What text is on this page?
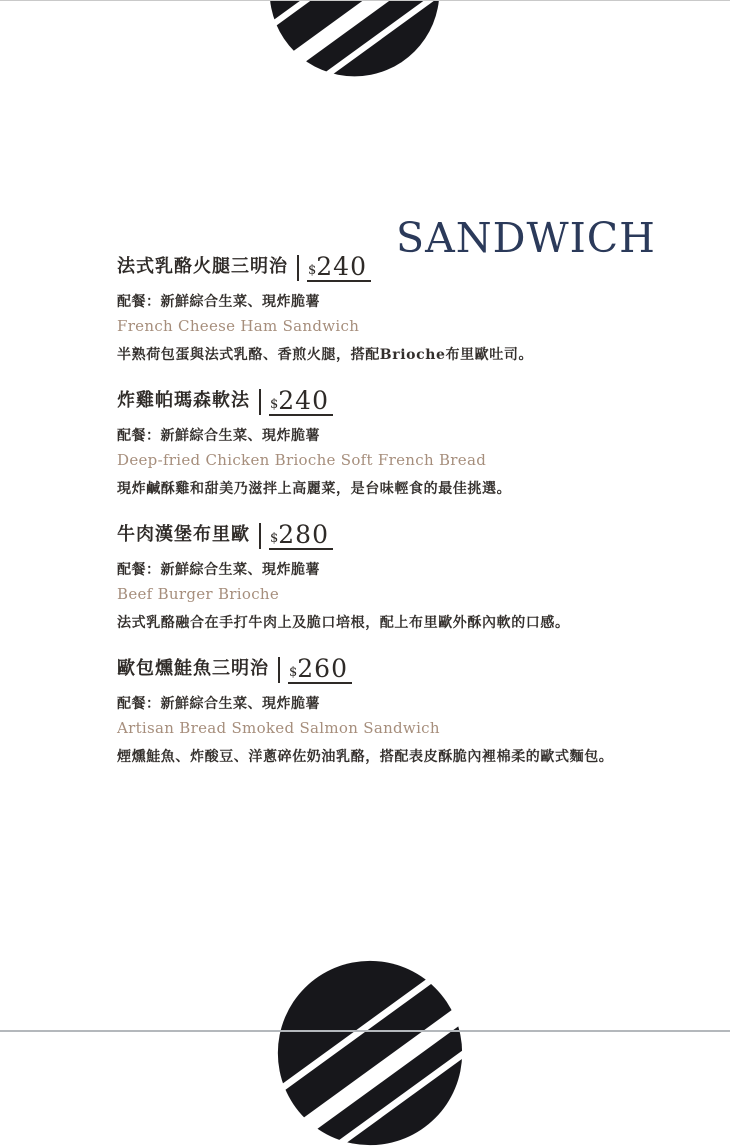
SANDWICH
法式乳酪火腿三明治 $ 240
配餐：新鮮綜合生菜、現炸脆薯
French Cheese Ham Sandwich
半熟荷包蛋與法式乳酪、香煎火腿，搭配Brioche布里歐吐司。
炸雞帕瑪森軟法 $ 240
配餐：新鮮綜合生菜、現炸脆薯
Deep-fried Chicken Brioche Soft French Bread
現炸鹹酥雞和甜美乃滋拌上高麗菜，是台味輕食的最佳挑選。
牛肉漢堡布里歐 $ 280
配餐：新鮮綜合生菜、現炸脆薯
Beef Burger Brioche
法式乳酪融合在手打牛肉上及脆口培根，配上布里歐外酥內軟的口感。
歐包燻鮭魚三明治 $ 260
配餐：新鮮綜合生菜、現炸脆薯
Artisan Bread Smoked Salmon Sandwich
煙燻鮭魚、炸酸豆、洋蔥碎佐奶油乳酪，搭配表皮酥脆內裡棉柔的歐式麵包。
